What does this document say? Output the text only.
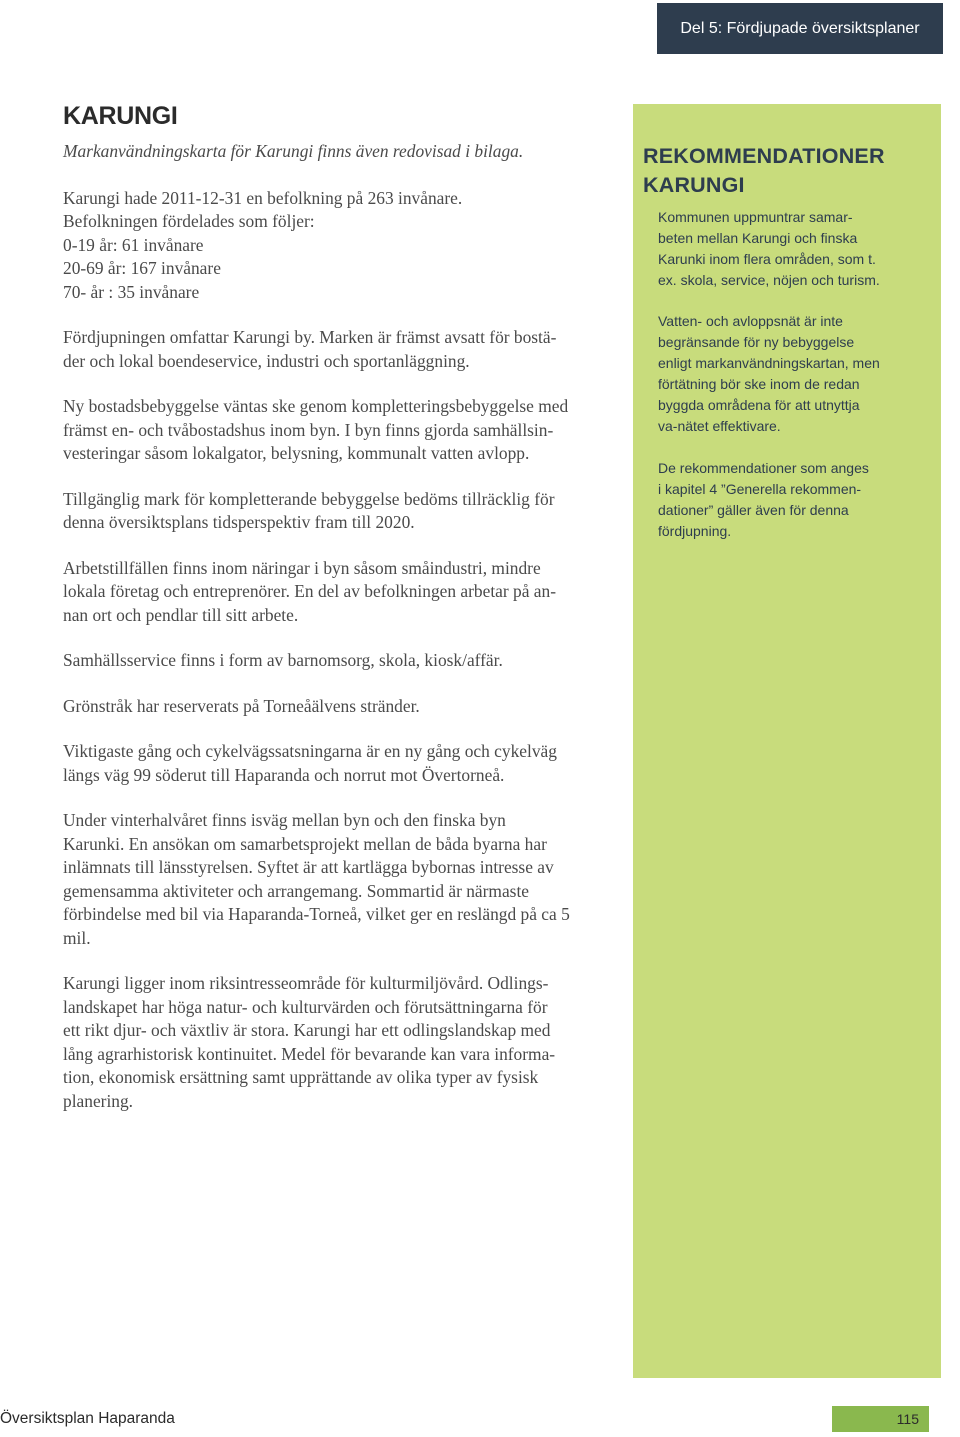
Del 5: Fördjupade översiktsplaner
KARUNGI

Markanvändningskarta för Karungi finns även redovisad i bilaga.

Karungi hade 2011-12-31 en befolkning på 263 invånare.
Befolkningen fördelades som följer:
0-19 år: 61 invånare
20-69 år: 167 invånare
70- år : 35 invånare

Fördjupningen omfattar Karungi by. Marken är främst avsatt för bostä-
der och lokal boendeservice, industri och sportanläggning.

Ny bostadsbebyggelse väntas ske genom kompletteringsbebyggelse med
främst en- och tvåbostadshus inom byn. I byn finns gjorda samhällsin-
vesteringar såsom lokalgator, belysning, kommunalt vatten avlopp.

Tillgänglig mark för kompletterande bebyggelse bedöms tillräcklig för
denna översiktsplans tidsperspektiv fram till 2020.

Arbetstillfällen finns inom näringar i byn såsom småindustri, mindre
lokala företag och entreprenörer. En del av befolkningen arbetar på an-
nan ort och pendlar till sitt arbete.

Samhällsservice finns i form av barnomsorg, skola, kiosk/affär.

Grönstråk har reserverats på Torneåälvens stränder.

Viktigaste gång och cykelvägssatsningarna är en ny gång och cykelväg
längs väg 99 söderut till Haparanda och norrut mot Övertorneå.

Under vinterhalvåret finns isväg mellan byn och den finska byn
Karunki. En ansökan om samarbetsprojekt mellan de båda byarna har
inlämnats till länsstyrelsen. Syftet är att kartlägga bybornas intresse av
gemensamma aktiviteter och arrangemang. Sommartid är närmaste
förbindelse med bil via Haparanda-Torneå, vilket ger en reslängd på ca 5
mil.

Karungi ligger inom riksintresseområde för kulturmiljövård. Odlings-
landskapet har höga natur- och kulturvärden och förutsättningarna för
ett rikt djur- och växtliv är stora. Karungi har ett odlingslandskap med
lång agrarhistorisk kontinuitet. Medel för bevarande kan vara informa-
tion, ekonomisk ersättning samt upprättande av olika typer av fysisk
planering.

REKOMMENDATIONER
KARUNGI

Kommunen uppmuntrar samar-
beten mellan Karungi och finska
Karunki inom flera områden, som t.
ex. skola, service, nöjen och turism.

Vatten- och avloppsnät är inte
begränsande för ny bebyggelse
enligt markanvändningskartan, men
förtätning bör ske inom de redan
byggda områdena för att utnyttja
va-nätet effektivare.

De rekommendationer som anges
i kapitel 4 ”Generella rekommen-
dationer” gäller även för denna
fördjupning.

Översiktsplan Haparanda	115
